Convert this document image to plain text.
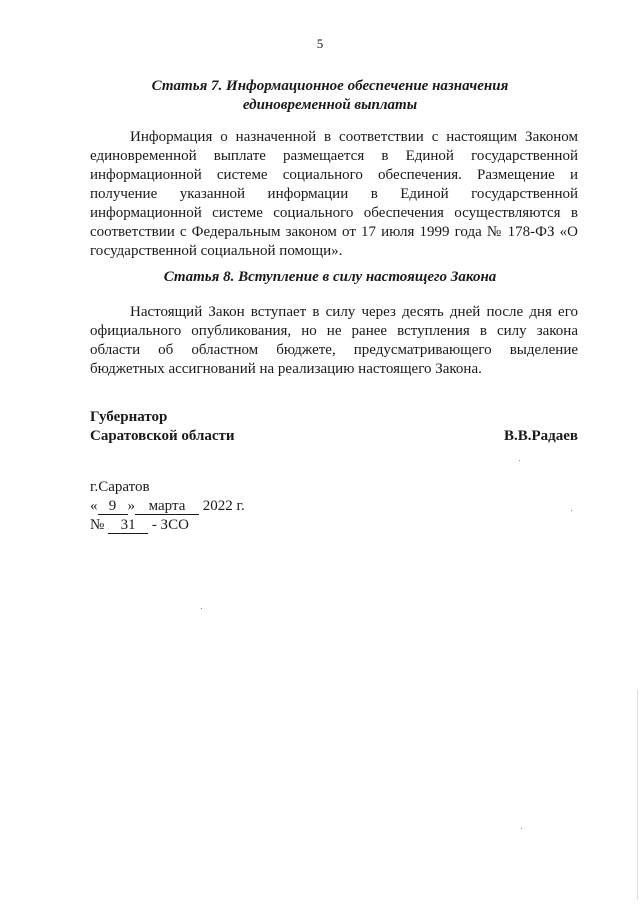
5
Статья 7. Информационное обеспечение назначения
единовременной выплаты

Информация о назначенной в соответствии с настоящим Законом единовременной выплате размещается в Единой государственной информационной системе социального обеспечения. Размещение и получение указанной информации в Единой государственной информационной системе социального обеспечения осуществляются в соответствии с Федеральным законом от 17 июля 1999 года № 178-ФЗ «О государственной социальной помощи».

Статья 8. Вступление в силу настоящего Закона

Настоящий Закон вступает в силу через десять дней после дня его официального опубликования, но не ранее вступления в силу закона области об областном бюджете, предусматривающего выделение бюджетных ассигнований на реализацию настоящего Закона.

Губернатор
Саратовской области	В.В.Радаев
г.Саратов
« 9 » марта 2022 г.
№ 31 - ЗСО
